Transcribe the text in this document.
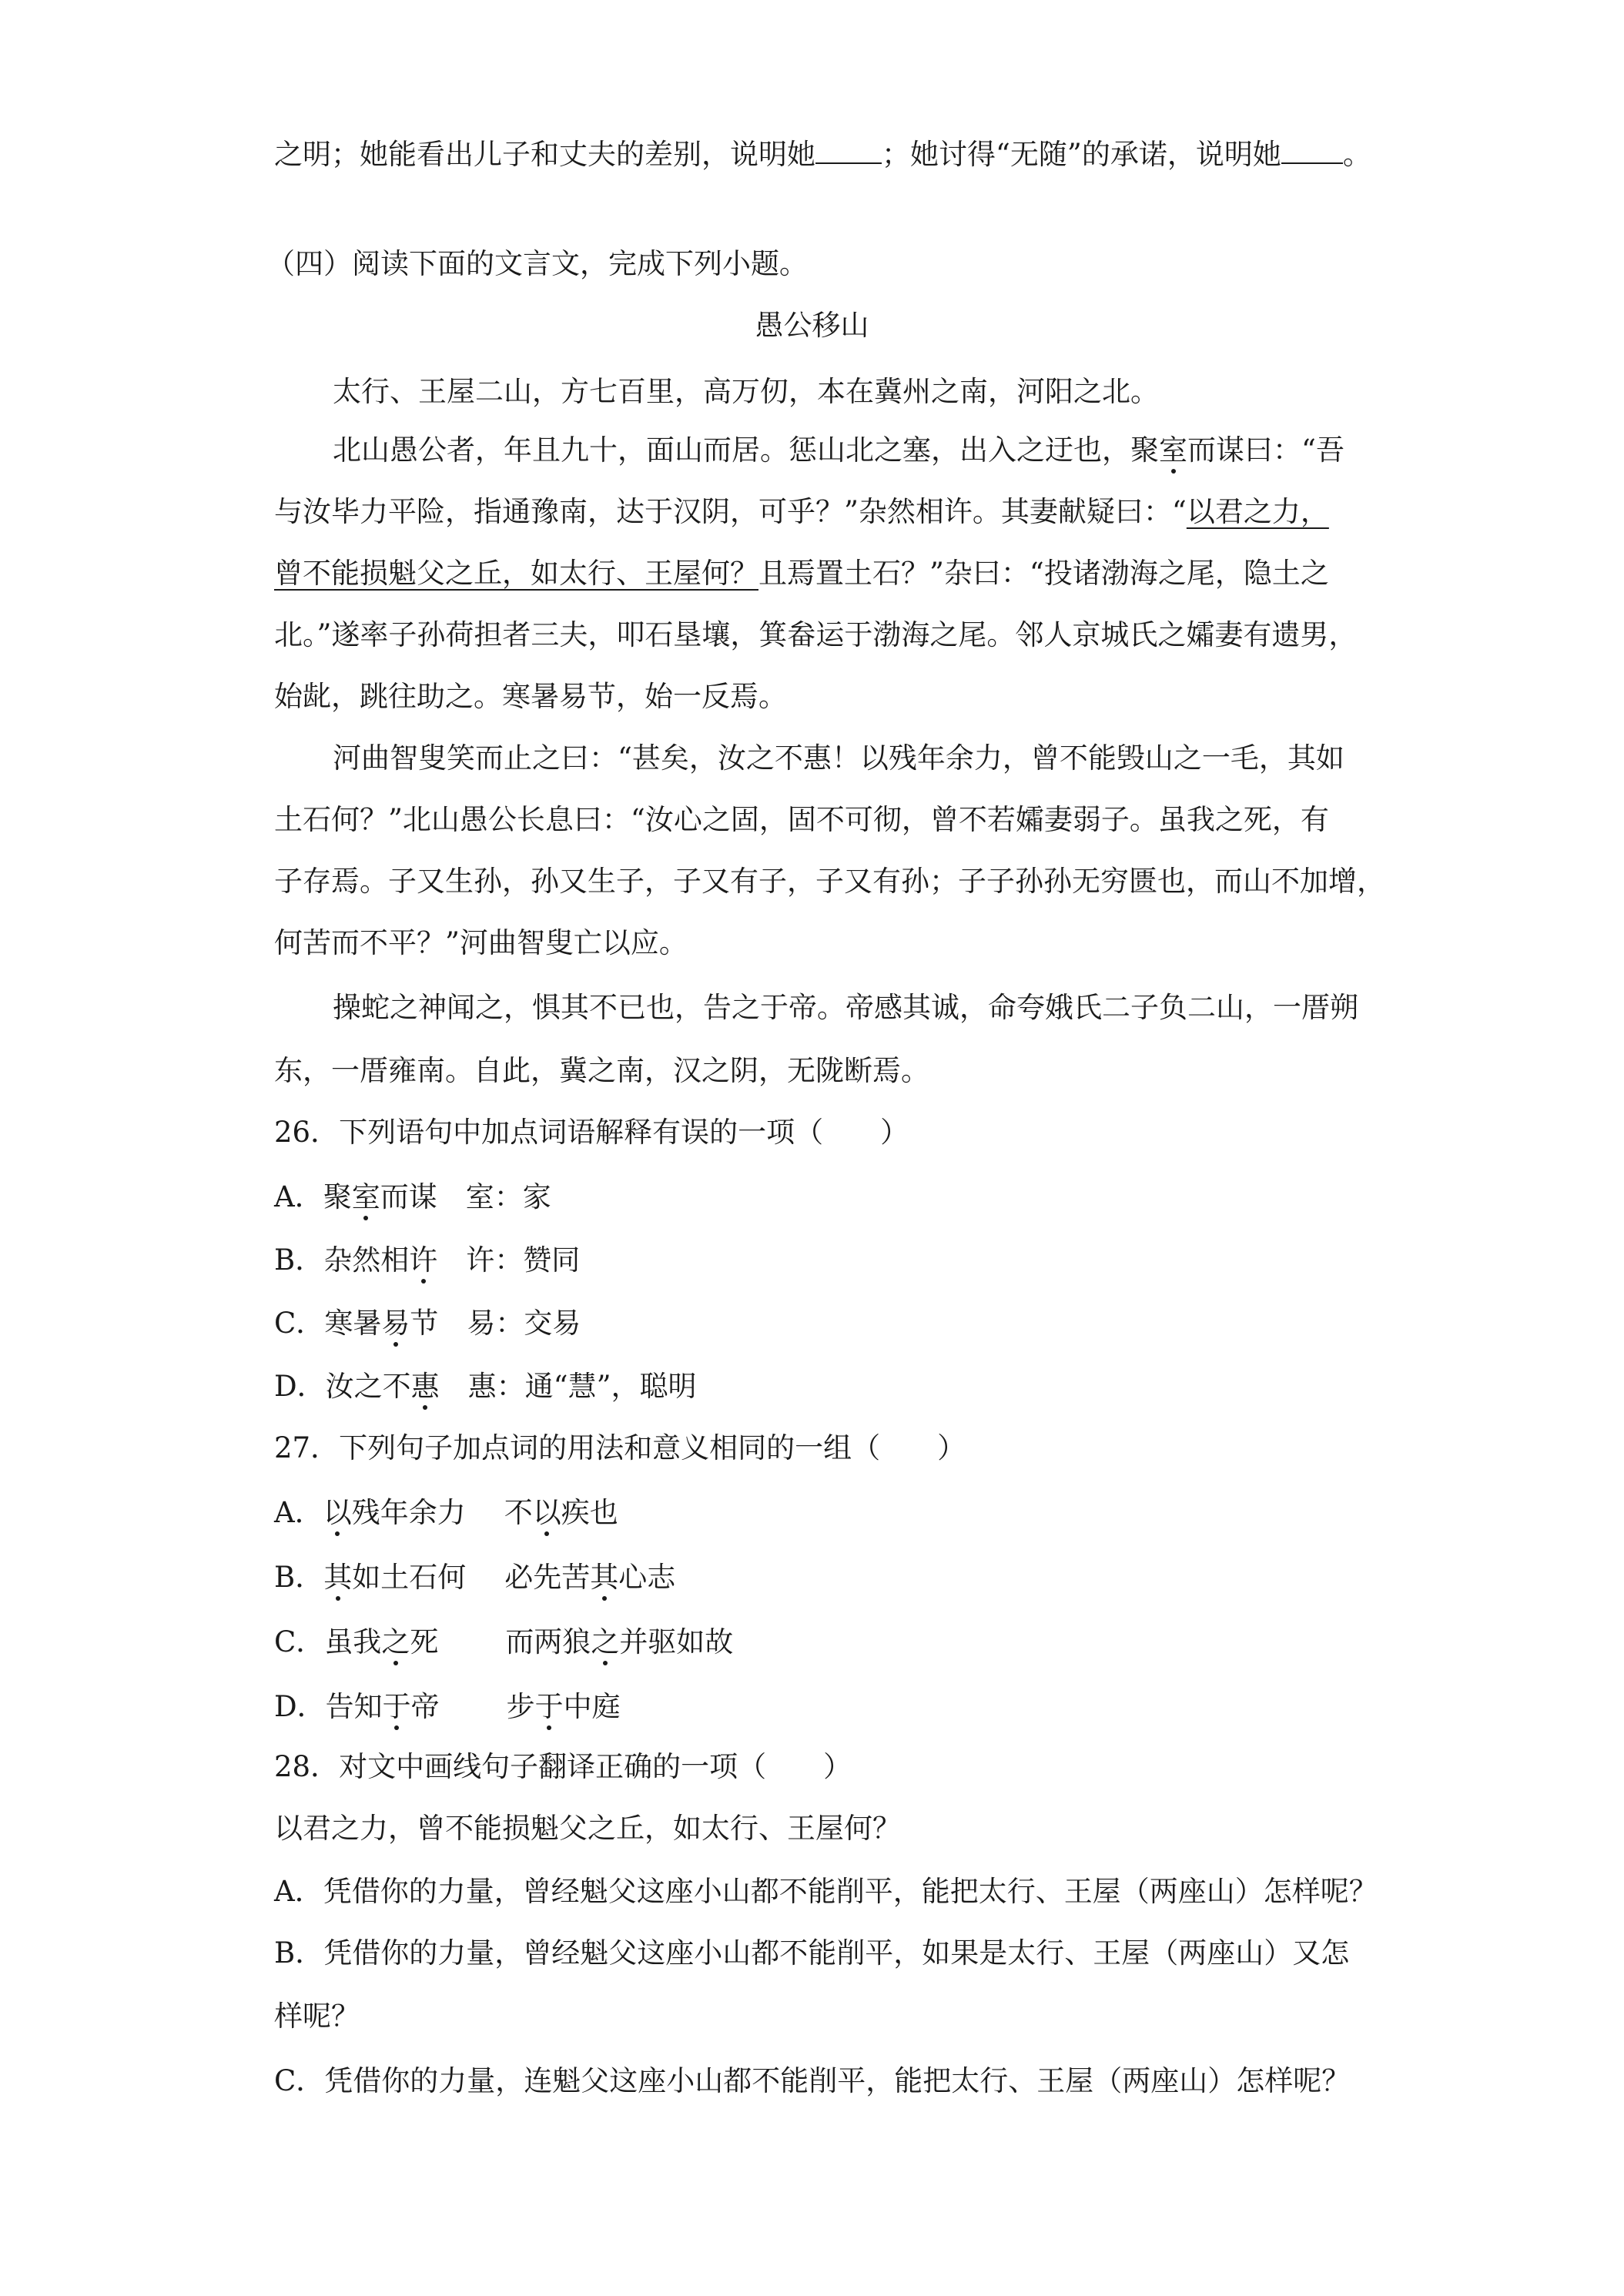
之明；她能看出儿子和丈夫的差别，说明她 ；她讨得“无随”的承诺，说明她 。
（四）阅读下面的文言文，完成下列小题。
愚公移山
太行、王屋二山，方七百里，高万仞，本在冀州之南，河阳之北。
北山愚公者，年且九十，面山而居。惩山北之塞，出入之迂也，聚室而谋曰：“吾
与汝毕力平险，指通豫南，达于汉阴，可乎？”杂然相许。其妻献疑曰：“以君之力，
曾不能损魁父之丘，如太行、王屋何？且焉置土石？”杂曰：“投诸渤海之尾，隐土之
北。”遂率子孙荷担者三夫，叩石垦壤，箕畚运于渤海之尾。邻人京城氏之孀妻有遗男，
始龀，跳往助之。寒暑易节，始一反焉。
河曲智叟笑而止之曰：“甚矣，汝之不惠！以残年余力，曾不能毁山之一毛，其如
土石何？”北山愚公长息曰：“汝心之固，固不可彻，曾不若孀妻弱子。虽我之死，有
子存焉。子又生孙，孙又生子，子又有子，子又有孙；子子孙孙无穷匮也，而山不加增，
何苦而不平？”河曲智叟亡以应。
操蛇之神闻之，惧其不已也，告之于帝。帝感其诚，命夸娥氏二子负二山，一厝朔
东，一厝雍南。自此，冀之南，汉之阴，无陇断焉。
26．下列语句中加点词语解释有误的一项（　　）
A．聚室而谋 室：家
B．杂然相许 许：赞同
C．寒暑易节 易：交易
D．汝之不惠 惠：通“慧”，聪明
27．下列句子加点词的用法和意义相同的一组（　　）
A．以残年余力 不以疾也
B．其如土石何 必先苦其心志
C．虽我之死 而两狼之并驱如故
D．告知于帝 步于中庭
28．对文中画线句子翻译正确的一项（　　）
以君之力，曾不能损魁父之丘，如太行、王屋何？
A．凭借你的力量，曾经魁父这座小山都不能削平，能把太行、王屋（两座山）怎样呢？
B．凭借你的力量，曾经魁父这座小山都不能削平，如果是太行、王屋（两座山）又怎
样呢？
C．凭借你的力量，连魁父这座小山都不能削平，能把太行、王屋（两座山）怎样呢？
